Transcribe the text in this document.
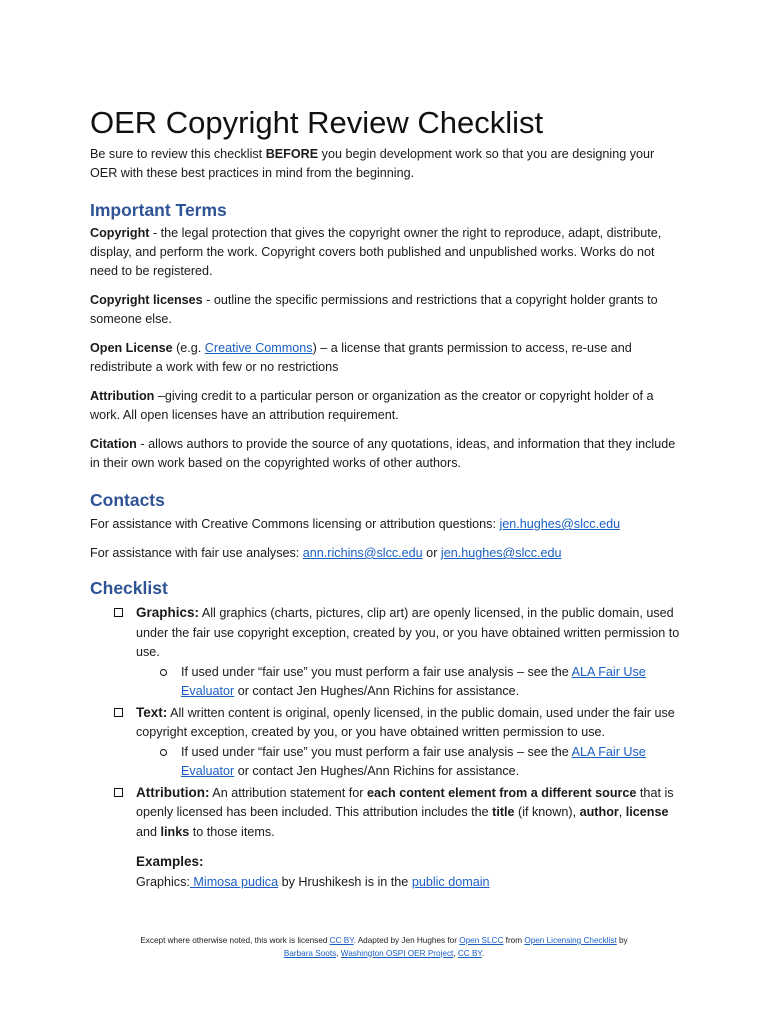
OER Copyright Review Checklist

Be sure to review this checklist BEFORE you begin development work so that you are designing your OER with these best practices in mind from the beginning.

Important Terms

Copyright - the legal protection that gives the copyright owner the right to reproduce, adapt, distribute, display, and perform the work. Copyright covers both published and unpublished works. Works do not need to be registered.

Copyright licenses - outline the specific permissions and restrictions that a copyright holder grants to someone else.

Open License (e.g. Creative Commons) – a license that grants permission to access, re-use and redistribute a work with few or no restrictions

Attribution –giving credit to a particular person or organization as the creator or copyright holder of a work. All open licenses have an attribution requirement.

Citation - allows authors to provide the source of any quotations, ideas, and information that they include in their own work based on the copyrighted works of other authors.

Contacts

For assistance with Creative Commons licensing or attribution questions: jen.hughes@slcc.edu

For assistance with fair use analyses: ann.richins@slcc.edu or jen.hughes@slcc.edu

Checklist
Graphics: All graphics (charts, pictures, clip art) are openly licensed, in the public domain, used under the fair use copyright exception, created by you, or you have obtained written permission to use.
If used under “fair use” you must perform a fair use analysis – see the ALA Fair Use Evaluator or contact Jen Hughes/Ann Richins for assistance.
Text: All written content is original, openly licensed, in the public domain, used under the fair use copyright exception, created by you, or you have obtained written permission to use.
If used under “fair use” you must perform a fair use analysis – see the ALA Fair Use Evaluator or contact Jen Hughes/Ann Richins for assistance.
Attribution: An attribution statement for each content element from a different source that is openly licensed has been included. This attribution includes the title (if known), author, license and links to those items.
Examples:
Graphics: Mimosa pudica by Hrushikesh is in the public domain
Except where otherwise noted, this work is licensed CC BY. Adapted by Jen Hughes for Open SLCC from Open Licensing Checklist by
Barbara Soots, Washington OSPI OER Project, CC BY.
